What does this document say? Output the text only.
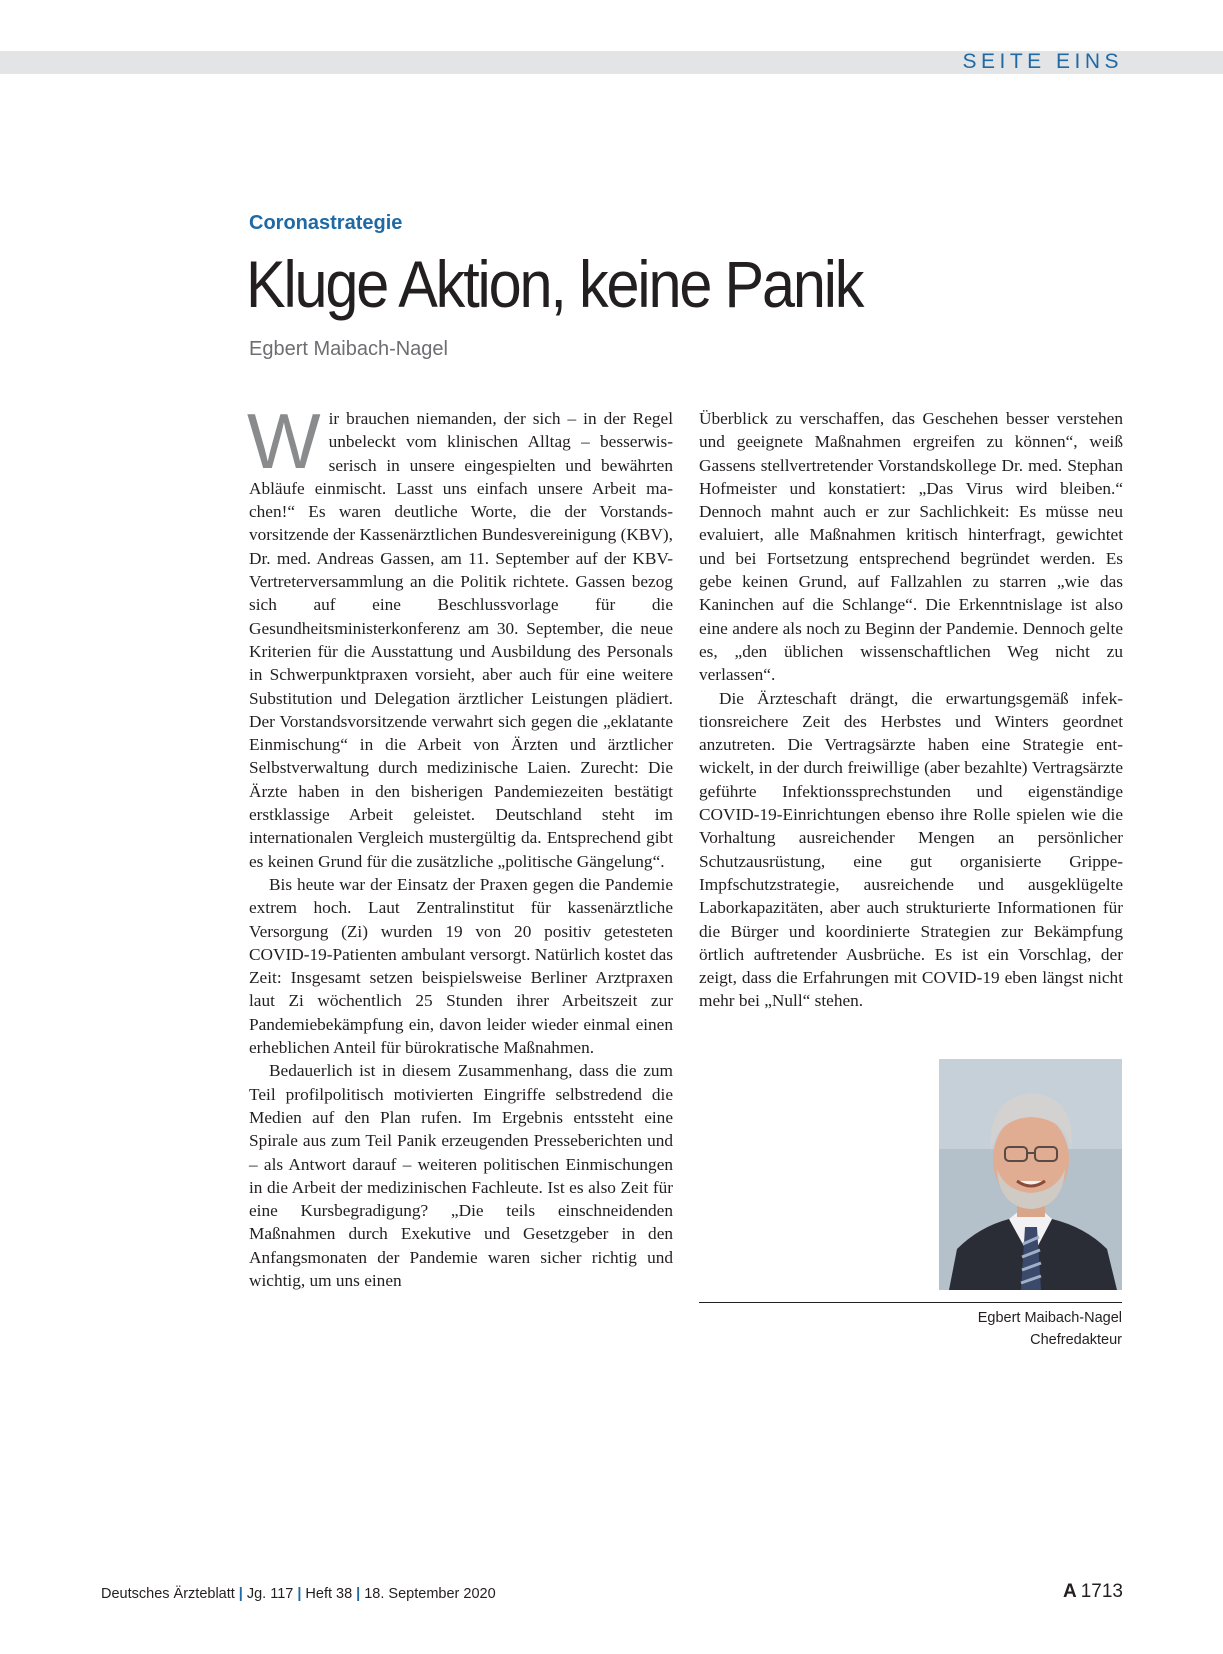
SEITE EINS
Coronastrategie
Kluge Aktion, keine Panik
Egbert Maibach-Nagel

Wir brauchen niemanden, der sich – in der Regel unbeleckt vom klinischen Alltag – besserwisserisch in unsere eingespielten und bewährten Abläufe einmischt. Lasst uns einfach unsere Arbeit machen!“ Es waren deutliche Worte, die der Vorstandsvorsitzende der Kassenärztlichen Bundesvereinigung (KBV), Dr. med. Andreas Gassen, am 11. September auf der KBV-Vertreterversammlung an die Politik richtete. Gassen bezog sich auf eine Beschlussvorlage für die Gesundheitsministerkonferenz am 30. September, die neue Kriterien für die Ausstattung und Ausbildung des Personals in Schwerpunktpraxen vorsieht, aber auch für eine weitere Substitution und Delegation ärztlicher Leistungen plädiert. Der Vorstandsvorsitzende verwahrt sich gegen die „eklatante Einmischung“ in die Arbeit von Ärzten und ärztlicher Selbstverwaltung durch medizinische Laien. Zurecht: Die Ärzte haben in den bisherigen Pandemiezeiten bestätigt erstklassige Arbeit geleistet. Deutschland steht im internationalen Vergleich mustergültig da. Entsprechend gibt es keinen Grund für die zusätzliche „politische Gängelung“.

Bis heute war der Einsatz der Praxen gegen die Pandemie extrem hoch. Laut Zentralinstitut für kassenärztliche Versorgung (Zi) wurden 19 von 20 positiv getesteten COVID-19-Patienten ambulant versorgt. Natürlich kostet das Zeit: Insgesamt setzen beispielsweise Berliner Arztpraxen laut Zi wöchentlich 25 Stunden ihrer Arbeitszeit zur Pandemiebekämpfung ein, davon leider wieder einmal einen erheblichen Anteil für bürokratische Maßnahmen.

Bedauerlich ist in diesem Zusammenhang, dass die zum Teil profilpolitisch motivierten Eingriffe selbstredend die Medien auf den Plan rufen. Im Ergebnis entssteht eine Spirale aus zum Teil Panik erzeugenden Presseberichten und – als Antwort darauf – weiteren politischen Einmischungen in die Arbeit der medizinischen Fachleute. Ist es also Zeit für eine Kursbegradigung? „Die teils einschneidenden Maßnahmen durch Exekutive und Gesetzgeber in den Anfangsmonaten der Pandemie waren sicher richtig und wichtig, um uns einen

Überblick zu verschaffen, das Geschehen besser verstehen und geeignete Maßnahmen ergreifen zu können“, weiß Gassens stellvertretender Vorstandskollege Dr. med. Stephan Hofmeister und konstatiert: „Das Virus wird bleiben.“ Dennoch mahnt auch er zur Sachlichkeit: Es müsse neu evaluiert, alle Maßnahmen kritisch hinterfragt, gewichtet und bei Fortsetzung entsprechend begründet werden. Es gebe keinen Grund, auf Fallzahlen zu starren „wie das Kaninchen auf die Schlange“. Die Erkenntnislage ist also eine andere als noch zu Beginn der Pandemie. Dennoch gelte es, „den üblichen wissenschaftlichen Weg nicht zu verlassen“.

Die Ärzteschaft drängt, die erwartungsgemäß infektionsreichere Zeit des Herbstes und Winters geordnet anzutreten. Die Vertragsärzte haben eine Strategie entwickelt, in der durch freiwillige (aber bezahlte) Vertragsärzte geführte Infektionssprechstunden und eigenständige COVID-19-Einrichtungen ebenso ihre Rolle spielen wie die Vorhaltung ausreichender Mengen an persönlicher Schutzausrüstung, eine gut organisierte Grippe-Impfschutzstrategie, ausreichende und ausgeklügelte Laborkapazitäten, aber auch strukturierte Informationen für die Bürger und koordinierte Strategien zur Bekämpfung örtlich auftretender Ausbrüche. Es ist ein Vorschlag, der zeigt, dass die Erfahrungen mit COVID-19 eben längst nicht mehr bei „Null“ stehen.

Egbert Maibach-Nagel
Chefredakteur
Deutsches Ärzteblatt | Jg. 117 | Heft 38 | 18. September 2020	A 1713
